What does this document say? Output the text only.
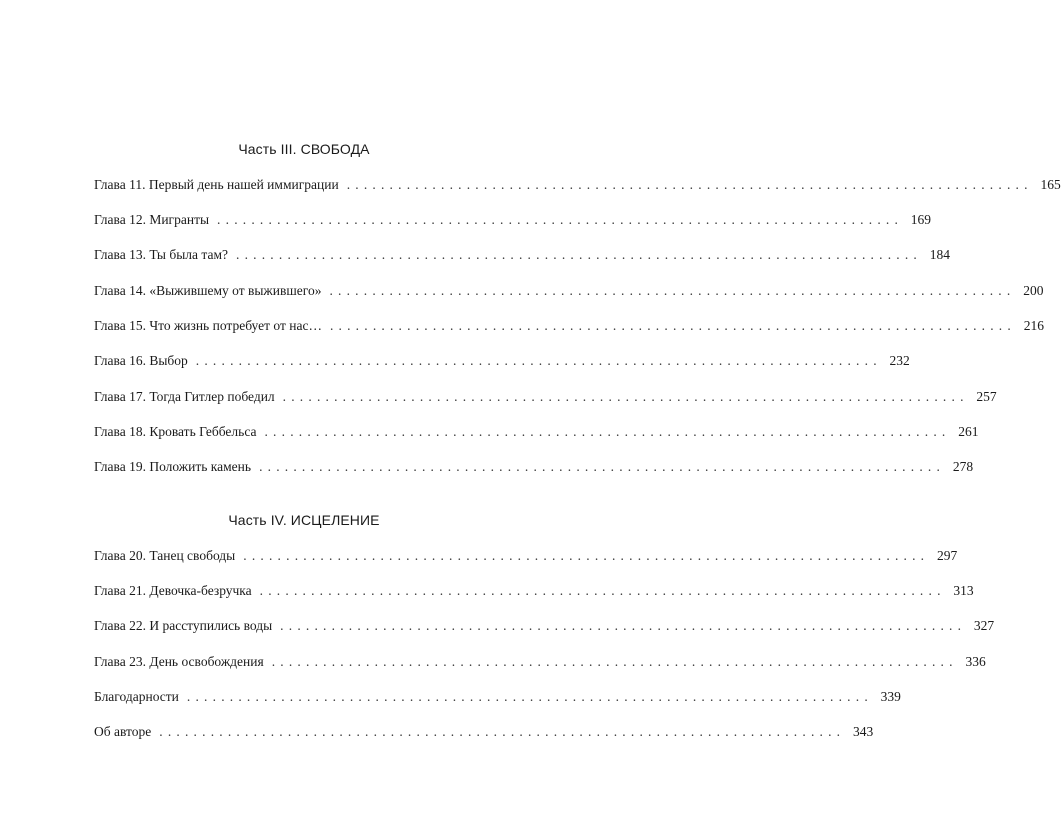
Часть III. СВОБОДА
Глава 11. Первый день нашей иммиграции ................................................................................ 165
Глава 12. Мигранты ................................................................................ 169
Глава 13. Ты была там? ................................................................................ 184
Глава 14. «Выжившему от выжившего» ................................................................................ 200
Глава 15. Что жизнь потребует от нас… ................................................................................ 216
Глава 16. Выбор ................................................................................ 232
Глава 17. Тогда Гитлер победил ................................................................................ 257
Глава 18. Кровать Геббельса ................................................................................ 261
Глава 19. Положить камень ................................................................................ 278
Часть IV. ИСЦЕЛЕНИЕ
Глава 20. Танец свободы ................................................................................ 297
Глава 21. Девочка-безручка ................................................................................ 313
Глава 22. И расступились воды ................................................................................ 327
Глава 23. День освобождения ................................................................................ 336
Благодарности ................................................................................ 339
Об авторе ................................................................................ 343
